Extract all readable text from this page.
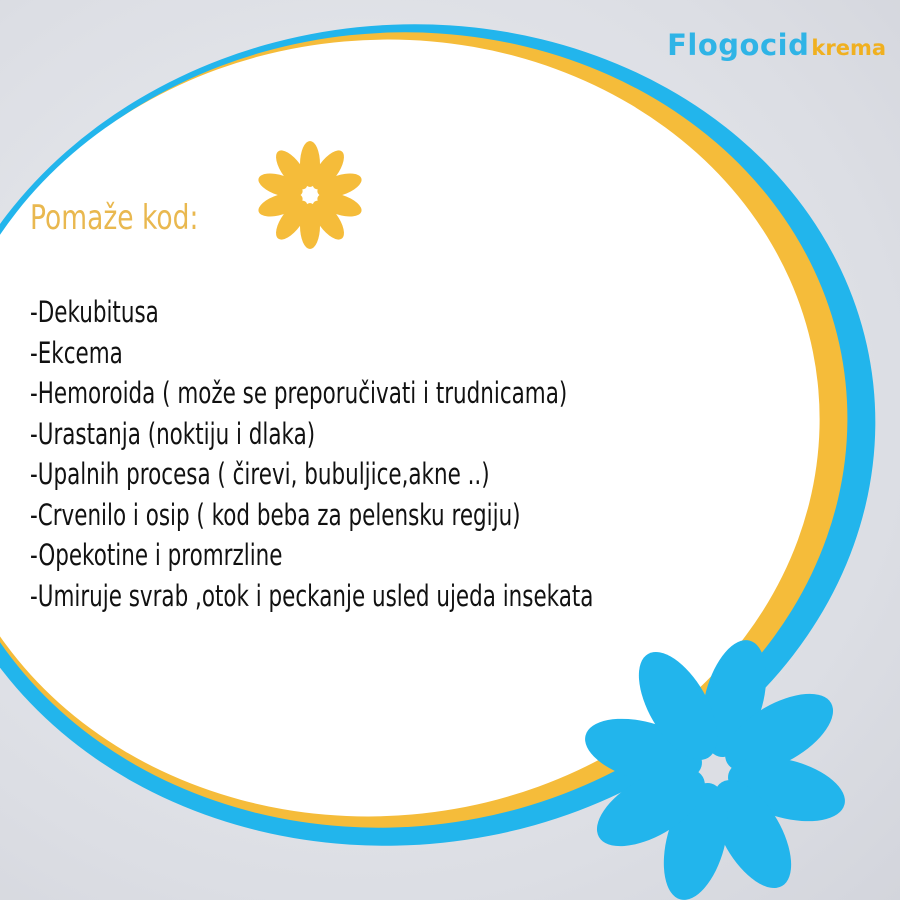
Flogocidkrema
Pomaže kod:
-Dekubitusa
-Ekcema
-Hemoroida ( može se preporučivati i trudnicama)
-Urastanja (noktiju i dlaka)
-Upalnih procesa ( čirevi, bubuljice,akne ..)
-Crvenilo i osip ( kod beba za pelensku regiju)
-Opekotine i promrzline
-Umiruje svrab ,otok i peckanje usled ujeda insekata
